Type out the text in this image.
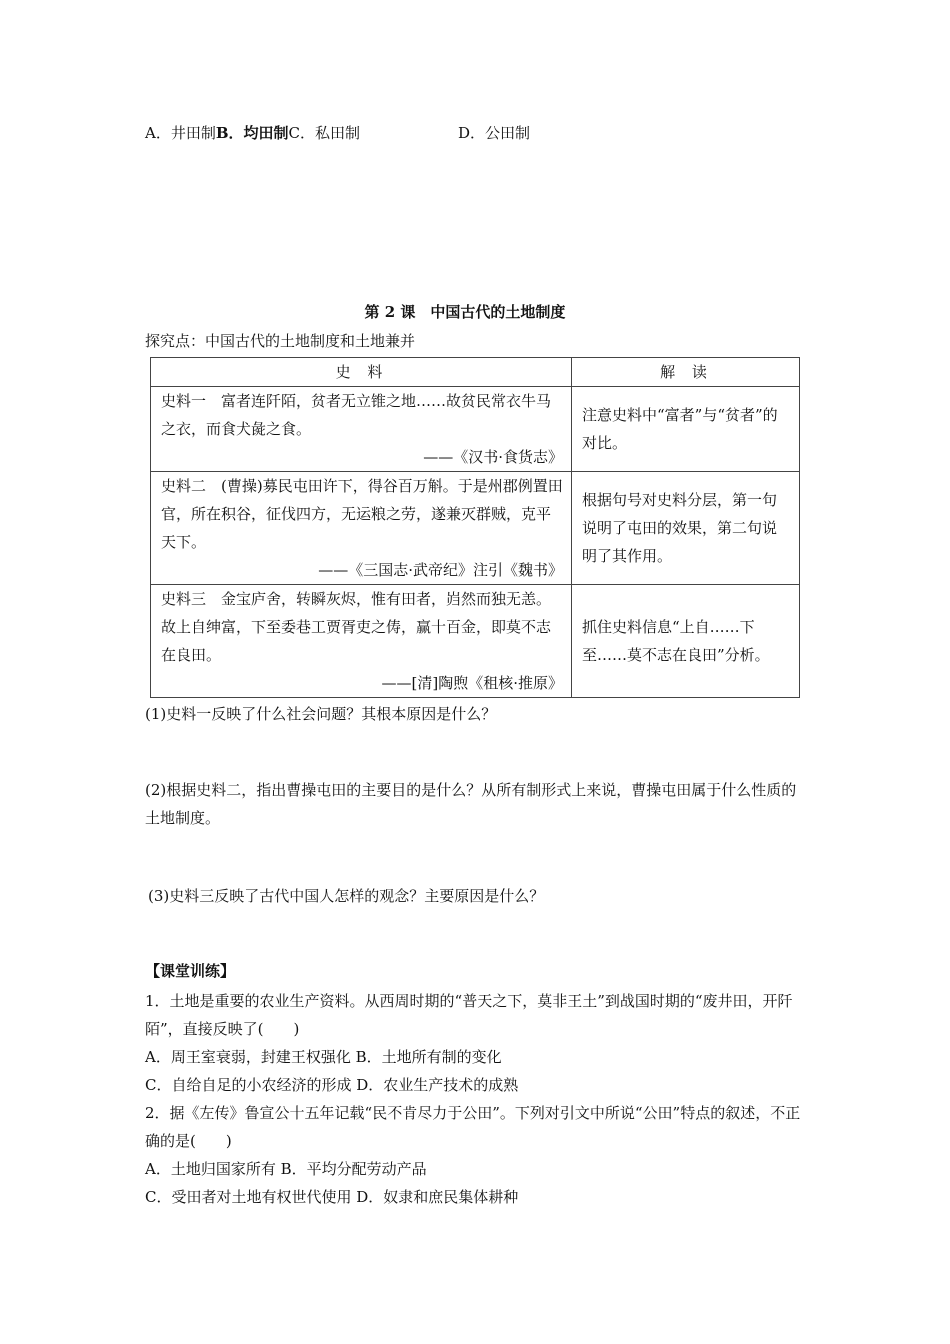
A．井田制B．均田制C．私田制	D．公田制
第 2 课　中国古代的土地制度
探究点：中国古代的土地制度和土地兼并
史 料	解 读

史料一　富者连阡陌，贫者无立锥之地……故贫民常衣牛马之衣，而食犬彘之食。
——《汉书·食货志》	注意史料中“富者”与“贫者”的对比。

史料二　(曹操)募民屯田许下，得谷百万斛。于是州郡例置田官，所在积谷，征伐四方，无运粮之劳，遂兼灭群贼，克平天下。
——《三国志·武帝纪》注引《魏书》	根据句号对史料分层，第一句说明了屯田的效果，第二句说明了其作用。

史料三　金宝庐舍，转瞬灰烬，惟有田者，岿然而独无恙。故上自绅富，下至委巷工贾胥吏之俦，赢十百金，即莫不志在良田。
——[清]陶煦《租核·推原》	抓住史料信息“上自……下至……莫不志在良田”分析。
(1)史料一反映了什么社会问题？其根本原因是什么？
(2)根据史料二，指出曹操屯田的主要目的是什么？从所有制形式上来说，曹操屯田属于什么性质的土地制度。
(3)史料三反映了古代中国人怎样的观念？主要原因是什么？
【课堂训练】
1．土地是重要的农业生产资料。从西周时期的“普天之下，莫非王土”到战国时期的“废井田，开阡陌”，直接反映了(　　)
A．周王室衰弱，封建王权强化 B．土地所有制的变化
C．自给自足的小农经济的形成 D．农业生产技术的成熟
2．据《左传》鲁宣公十五年记载“民不肯尽力于公田”。下列对引文中所说“公田”特点的叙述，不正确的是(　　)
A．土地归国家所有 B．平均分配劳动产品
C．受田者对土地有权世代使用 D．奴隶和庶民集体耕种
